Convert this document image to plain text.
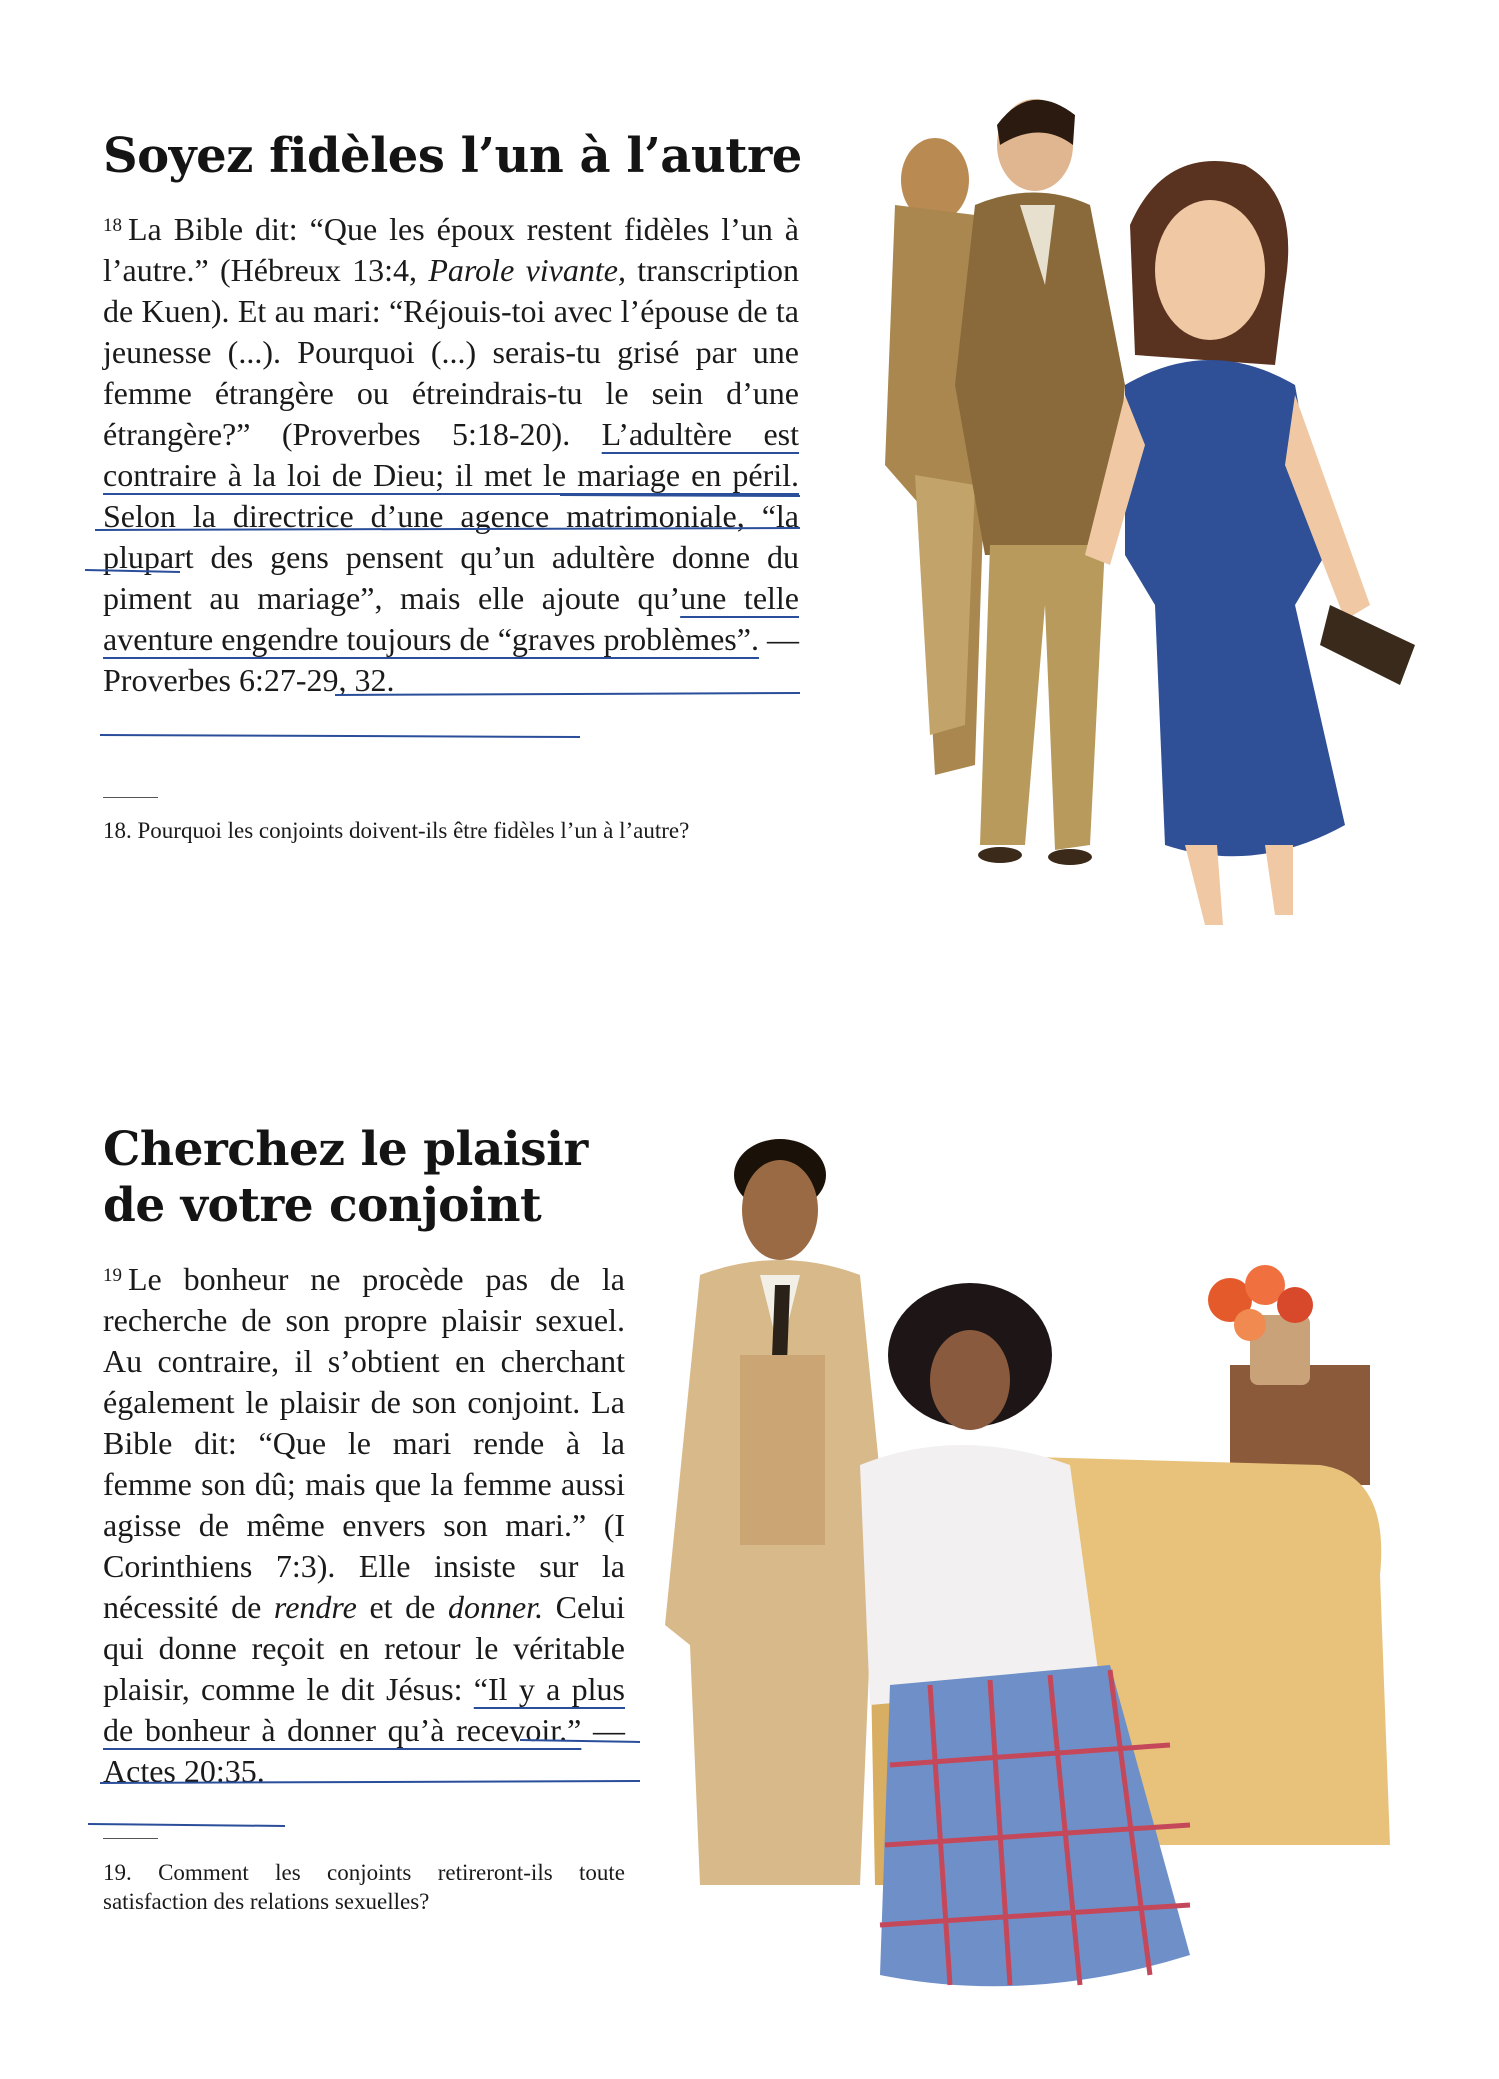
Soyez fidèles l’un à l’autre

$^{18}$ La Bible dit: “Que les époux restent fidèles l’un à l’autre.” (Hébreux 13:4, Parole vivante, transcription de Kuen). Et au mari: “Réjouis-toi avec l’épouse de ta jeunesse (...). Pourquoi (...) serais-tu grisé par une femme étrangère ou étreindrais-tu le sein d’une étrangère?” (Proverbes 5:18-20). L’adultère est contraire à la loi de Dieu; il met le mariage en péril. Selon la directrice d’une agence matrimoniale, “la plupart des gens pensent qu’un adultère donne du piment au mariage”, mais elle ajoute qu’une telle aventure engendre toujours de “graves problèmes”. — Proverbes 6:27-29, 32.

18. Pourquoi les conjoints doivent-ils être fidèles l’un à l’autre?

Cherchez le plaisir
de votre conjoint

$^{19}$ Le bonheur ne procède pas de la recherche de son propre plaisir sexuel. Au contraire, il s’obtient en cherchant également le plaisir de son conjoint. La Bible dit: “Que le mari rende à la femme son dû; mais que la femme aussi agisse de même envers son mari.” (I Corinthiens 7:3). Elle insiste sur la nécessité de rendre et de donner. Celui qui donne reçoit en retour le véritable plaisir, comme le dit Jésus: “Il y a plus de bonheur à donner qu’à recevoir.” — Actes 20:35.

19. Comment les conjoints retireront-ils toute satisfaction des relations sexuelles?
